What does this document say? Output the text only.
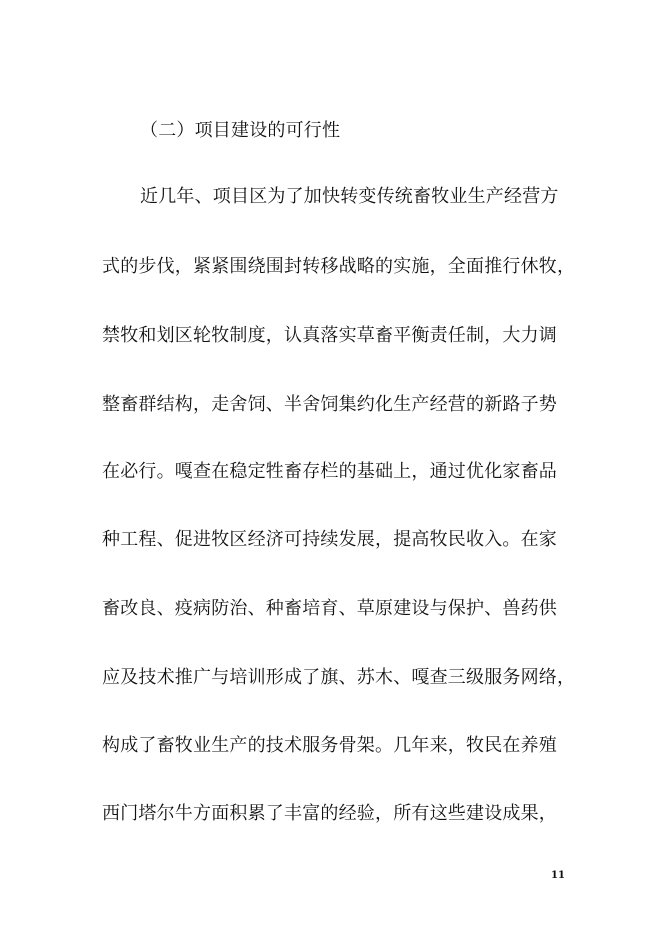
（二）项目建设的可行性
近几年、项目区为了加快转变传统畜牧业生产经营方
式的步伐，紧紧围绕围封转移战略的实施，全面推行休牧，
禁牧和划区轮牧制度，认真落实草畜平衡责任制，大力调
整畜群结构，走舍饲、半舍饲集约化生产经营的新路子势
在必行。嘎查在稳定牲畜存栏的基础上，通过优化家畜品
种工程、促进牧区经济可持续发展，提高牧民收入。在家
畜改良、疫病防治、种畜培育、草原建设与保护、兽药供
应及技术推广与培训形成了旗、苏木、嘎查三级服务网络，
构成了畜牧业生产的技术服务骨架。几年来，牧民在养殖
西门塔尔牛方面积累了丰富的经验，所有这些建设成果，
11
